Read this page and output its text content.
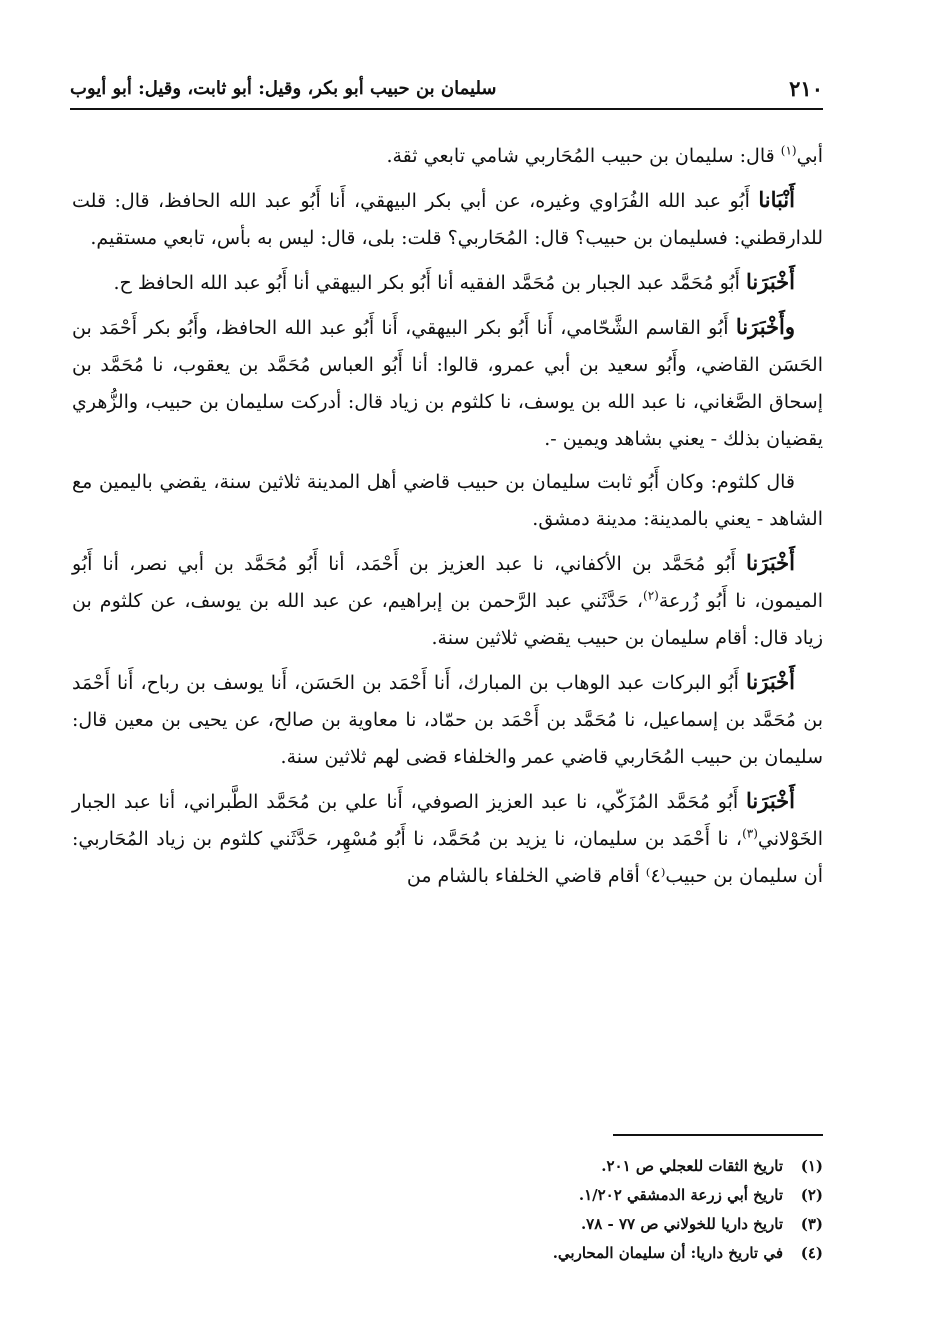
٢١٠
سليمان بن حبيب أبو بكر، وقيل: أبو ثابت، وقيل: أبو أيوب

أبي$^{(١)}$ قال: سليمان بن حبيب المُحَاربي شامي تابعي ثقة.

أَنْبَانا أَبُو عبد الله الفُرَاوي وغيره، عن أبي بكر البيهقي، أَنا أَبُو عبد الله الحافظ، قال: قلت للدارقطني: فسليمان بن حبيب؟ قال: المُحَاربي؟ قلت: بلى، قال: ليس به بأس، تابعي مستقيم.

أَخْبَرَنا أَبُو مُحَمَّد عبد الجبار بن مُحَمَّد الفقيه أنا أَبُو بكر البيهقي أنا أَبُو عبد الله الحافظ ح.

وأَخْبَرَنا أَبُو القاسم الشَّحّامي، أَنا أَبُو بكر البيهقي، أَنا أَبُو عبد الله الحافظ، وأَبُو بكر أَحْمَد بن الحَسَن القاضي، وأَبُو سعيد بن أبي عمرو، قالوا: أنا أَبُو العباس مُحَمَّد بن يعقوب، نا مُحَمَّد بن إسحاق الصَّغاني، نا عبد الله بن يوسف، نا كلثوم بن زياد قال: أدركت سليمان بن حبيب، والزُّهري يقضيان بذلك - يعني بشاهد ويمين -.

قال كلثوم: وكان أَبُو ثابت سليمان بن حبيب قاضي أهل المدينة ثلاثين سنة، يقضي باليمين مع الشاهد - يعني بالمدينة: مدينة دمشق.

أَخْبَرَنا أَبُو مُحَمَّد بن الأكفاني، نا عبد العزيز بن أَحْمَد، أنا أَبُو مُحَمَّد بن أبي نصر، أنا أَبُو الميمون، نا أَبُو زُرعة$^{(٢)}$، حَدَّثَني عبد الرَّحمن بن إبراهيم، عن عبد الله بن يوسف، عن كلثوم بن زياد قال: أقام سليمان بن حبيب يقضي ثلاثين سنة.

أَخْبَرَنا أَبُو البركات عبد الوهاب بن المبارك، أَنا أَحْمَد بن الحَسَن، أَنا يوسف بن رباح، أَنا أَحْمَد بن مُحَمَّد بن إسماعيل، نا مُحَمَّد بن أَحْمَد بن حمّاد، نا معاوية بن صالح، عن يحيى بن معين قال: سليمان بن حبيب المُحَاربي قاضي عمر والخلفاء قضى لهم ثلاثين سنة.

أَخْبَرَنا أَبُو مُحَمَّد المُزَكّي، نا عبد العزيز الصوفي، أَنا علي بن مُحَمَّد الطَّبراني، أنا عبد الجبار الخَوْلاني$^{(٣)}$، نا أَحْمَد بن سليمان، نا يزيد بن مُحَمَّد، نا أَبُو مُسْهِر، حَدَّثَني كلثوم بن زياد المُحَاربي: أن سليمان بن حبيب⁽٤⁾ أقام قاضي الخلفاء بالشام من

(١)
تاريخ الثقات للعجلي ص ٢٠١.
(٢)
تاريخ أبي زرعة الدمشقي ١/٢٠٢.
(٣)
تاريخ داريا للخولاني ص ٧٧ - ٧٨.
(٤)
في تاريخ داريا: أن سليمان المحاربي.
